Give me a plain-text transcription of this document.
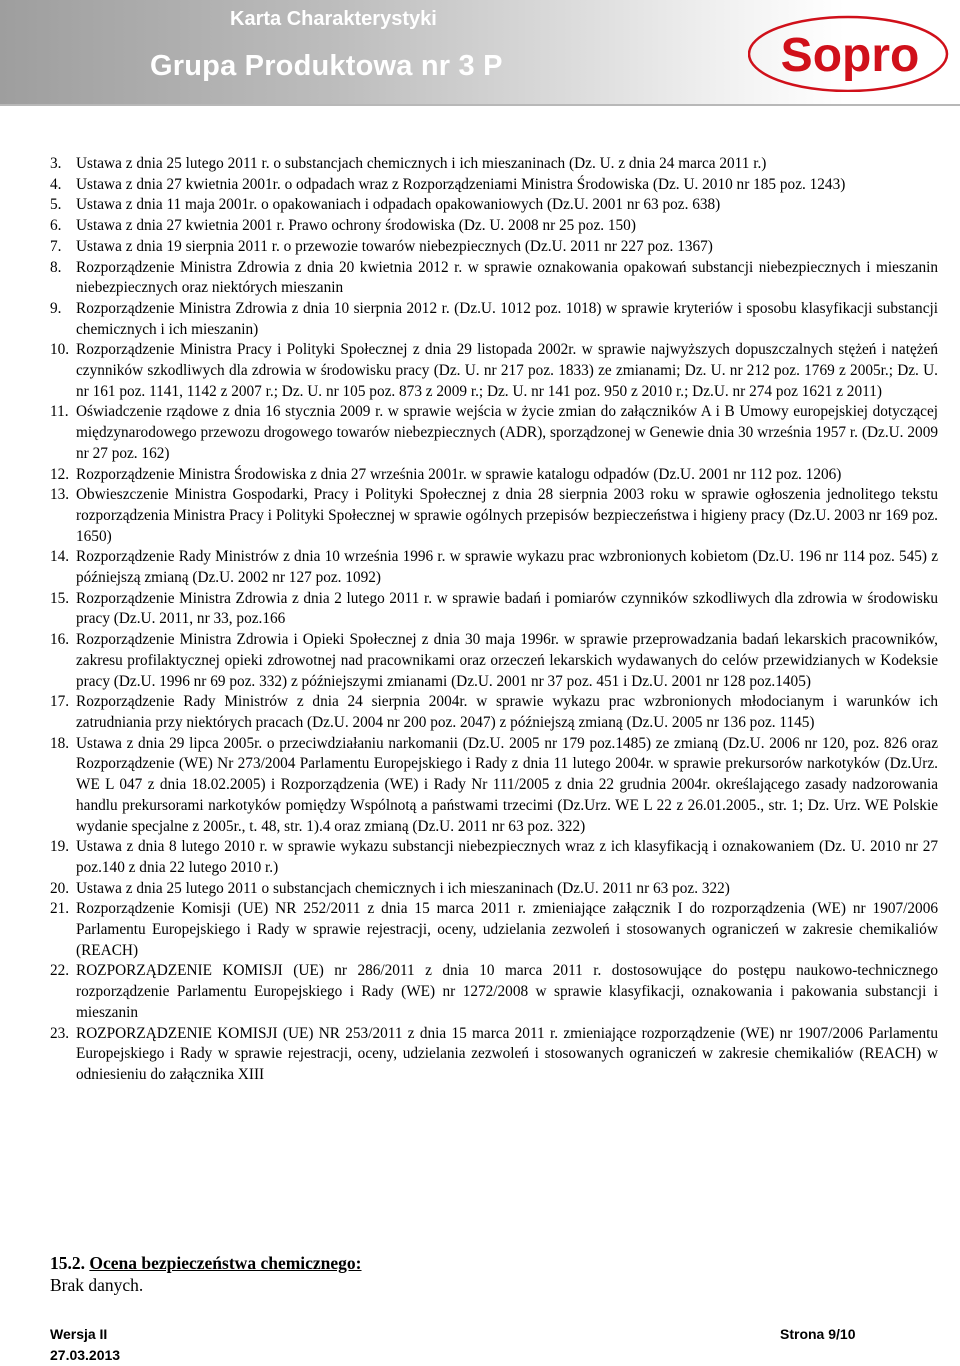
Karta Charakterystyki
Grupa Produktowa nr 3 P	Sopro
3. Ustawa z dnia 25 lutego 2011 r. o substancjach chemicznych i ich mieszaninach (Dz. U. z dnia 24 marca 2011 r.)
4. Ustawa z dnia 27 kwietnia 2001r. o odpadach wraz z Rozporządzeniami Ministra Środowiska (Dz. U. 2010 nr 185 poz. 1243)
5. Ustawa z dnia 11 maja 2001r. o opakowaniach i odpadach opakowaniowych (Dz.U. 2001 nr 63 poz. 638)
6. Ustawa z dnia 27 kwietnia 2001 r. Prawo ochrony środowiska (Dz. U. 2008 nr 25 poz. 150)
7. Ustawa z dnia 19 sierpnia 2011 r. o przewozie towarów niebezpiecznych (Dz.U. 2011 nr 227 poz. 1367)
8. Rozporządzenie Ministra Zdrowia z dnia 20 kwietnia 2012 r. w sprawie oznakowania opakowań substancji niebezpiecznych i mieszanin niebezpiecznych oraz niektórych mieszanin
9. Rozporządzenie Ministra Zdrowia z dnia 10 sierpnia 2012 r. (Dz.U. 1012 poz. 1018) w sprawie kryteriów i sposobu klasyfikacji substancji chemicznych i ich mieszanin)
10. Rozporządzenie Ministra Pracy i Polityki Społecznej z dnia 29 listopada 2002r. w sprawie najwyższych dopuszczalnych stężeń i natężeń czynników szkodliwych dla zdrowia w środowisku pracy (Dz. U. nr 217 poz. 1833) ze zmianami; Dz. U. nr 212 poz. 1769 z 2005r.; Dz. U. nr 161 poz. 1141, 1142 z 2007 r.; Dz. U. nr 105 poz. 873 z 2009 r.; Dz. U. nr 141 poz. 950 z 2010 r.; Dz.U. nr 274 poz 1621 z 2011)
11. Oświadczenie rządowe z dnia 16 stycznia 2009 r. w sprawie wejścia w życie zmian do załączników A i B Umowy europejskiej dotyczącej międzynarodowego przewozu drogowego towarów niebezpiecznych (ADR), sporządzonej w Genewie dnia 30 września 1957 r. (Dz.U. 2009 nr 27 poz. 162)
12. Rozporządzenie Ministra Środowiska z dnia 27 września 2001r. w sprawie katalogu odpadów (Dz.U. 2001 nr 112 poz. 1206)
13. Obwieszczenie Ministra Gospodarki, Pracy i Polityki Społecznej z dnia 28 sierpnia 2003 roku w sprawie ogłoszenia jednolitego tekstu rozporządzenia Ministra Pracy i Polityki Społecznej w sprawie ogólnych przepisów bezpieczeństwa i higieny pracy (Dz.U. 2003 nr 169 poz. 1650)
14. Rozporządzenie Rady Ministrów z dnia 10 września 1996 r. w sprawie wykazu prac wzbronionych kobietom (Dz.U. 196 nr 114 poz. 545) z późniejszą zmianą (Dz.U. 2002 nr 127 poz. 1092)
15. Rozporządzenie Ministra Zdrowia z dnia 2 lutego 2011 r. w sprawie badań i pomiarów czynników szkodliwych dla zdrowia w środowisku pracy (Dz.U. 2011, nr 33, poz.166
16. Rozporządzenie Ministra Zdrowia i Opieki Społecznej z dnia 30 maja 1996r. w sprawie przeprowadzania badań lekarskich pracowników, zakresu profilaktycznej opieki zdrowotnej nad pracownikami oraz orzeczeń lekarskich wydawanych do celów przewidzianych w Kodeksie pracy (Dz.U. 1996 nr 69 poz. 332) z późniejszymi zmianami (Dz.U. 2001 nr 37 poz. 451 i Dz.U. 2001 nr 128 poz.1405)
17. Rozporządzenie Rady Ministrów z dnia 24 sierpnia 2004r. w sprawie wykazu prac wzbronionych młodocianym i warunków ich zatrudniania przy niektórych pracach (Dz.U. 2004 nr 200 poz. 2047) z późniejszą zmianą (Dz.U. 2005 nr 136 poz. 1145)
18. Ustawa z dnia 29 lipca 2005r. o przeciwdziałaniu narkomanii (Dz.U. 2005 nr 179 poz.1485) ze zmianą (Dz.U. 2006 nr 120, poz. 826 oraz Rozporządzenie (WE) Nr 273/2004 Parlamentu Europejskiego i Rady z dnia 11 lutego 2004r. w sprawie prekursorów narkotyków (Dz.Urz. WE L 047 z dnia 18.02.2005) i Rozporządzenia (WE) i Rady Nr 111/2005 z dnia 22 grudnia 2004r. określającego zasady nadzorowania handlu prekursorami narkotyków pomiędzy Wspólnotą a państwami trzecimi (Dz.Urz. WE L 22 z 26.01.2005., str. 1; Dz. Urz. WE Polskie wydanie specjalne z 2005r., t. 48, str. 1).4 oraz zmianą (Dz.U. 2011 nr 63 poz. 322)
19. Ustawa z dnia 8 lutego 2010 r. w sprawie wykazu substancji niebezpiecznych wraz z ich klasyfikacją i oznakowaniem (Dz. U. 2010 nr 27 poz.140 z dnia 22 lutego 2010 r.)
20. Ustawa z dnia 25 lutego 2011 o substancjach chemicznych i ich mieszaninach (Dz.U. 2011 nr 63 poz. 322)
21. Rozporządzenie Komisji (UE) NR 252/2011 z dnia 15 marca 2011 r. zmieniające załącznik I do rozporządzenia (WE) nr 1907/2006 Parlamentu Europejskiego i Rady w sprawie rejestracji, oceny, udzielania zezwoleń i stosowanych ograniczeń w zakresie chemikaliów (REACH)
22. ROZPORZĄDZENIE KOMISJI (UE) nr 286/2011 z dnia 10 marca 2011 r. dostosowujące do postępu naukowo-technicznego rozporządzenie Parlamentu Europejskiego i Rady (WE) nr 1272/2008 w sprawie klasyfikacji, oznakowania i pakowania substancji i mieszanin
23. ROZPORZĄDZENIE KOMISJI (UE) NR 253/2011 z dnia 15 marca 2011 r. zmieniające rozporządzenie (WE) nr 1907/2006 Parlamentu Europejskiego i Rady w sprawie rejestracji, oceny, udzielania zezwoleń i stosowanych ograniczeń w zakresie chemikaliów (REACH) w odniesieniu do załącznika XIII
15.2. Ocena bezpieczeństwa chemicznego:
Brak danych.
Wersja II
27.03.2013
Strona 9/10
